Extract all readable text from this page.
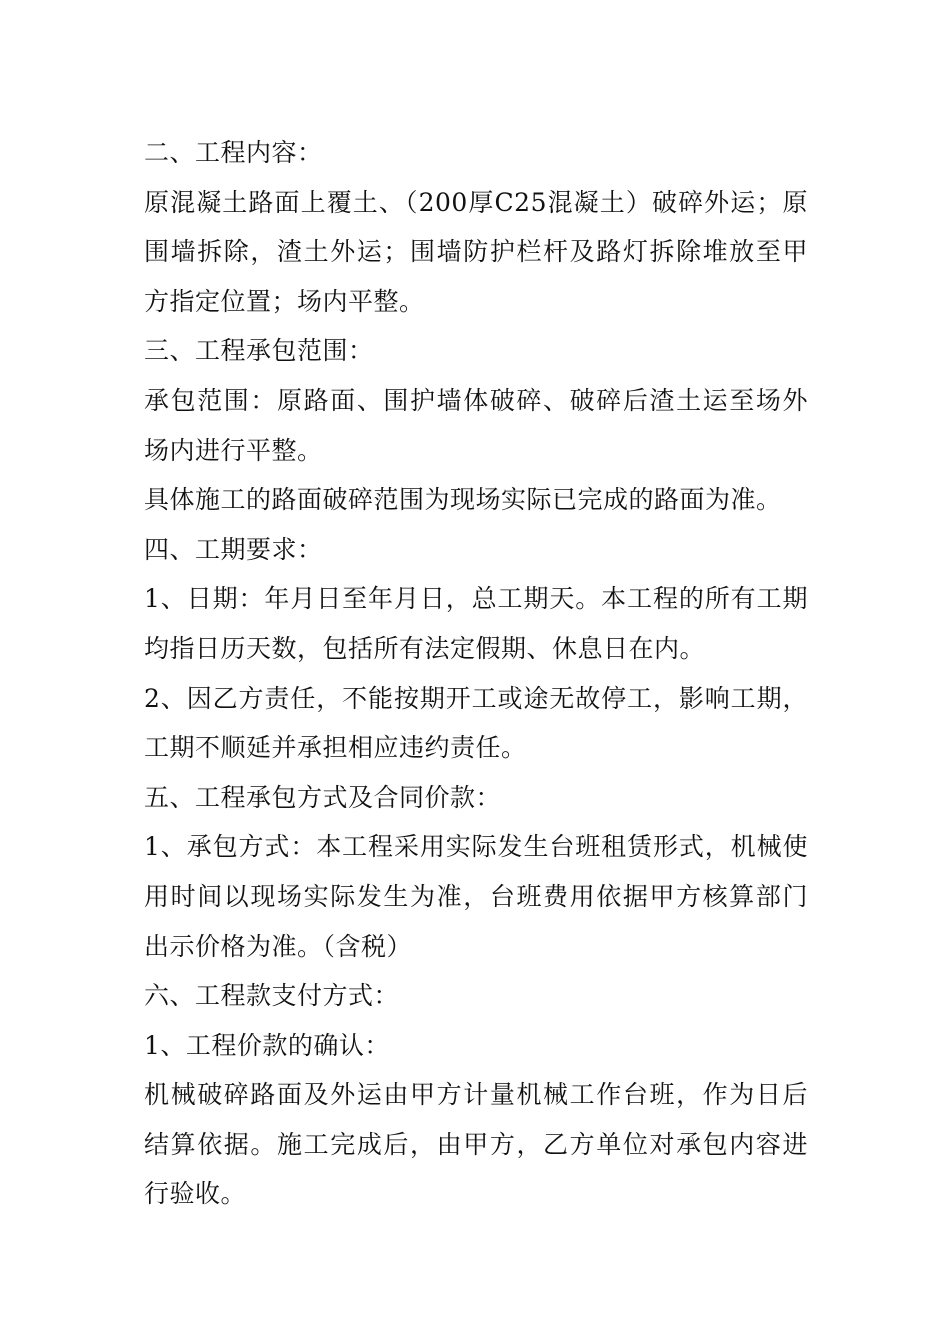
二、工程内容：
原混凝土路面上覆土、（200厚C25混凝土）破碎外运；原
围墙拆除，渣土外运；围墙防护栏杆及路灯拆除堆放至甲
方指定位置；场内平整。
三、工程承包范围：
承包范围：原路面、围护墙体破碎、破碎后渣土运至场外
场内进行平整。
具体施工的路面破碎范围为现场实际已完成的路面为准。
四、工期要求：
1、日期：年月日至年月日，总工期天。本工程的所有工期
均指日历天数，包括所有法定假期、休息日在内。
2、因乙方责任，不能按期开工或途无故停工，影响工期，
工期不顺延并承担相应违约责任。
五、工程承包方式及合同价款：
1、承包方式：本工程采用实际发生台班租赁形式，机械使
用时间以现场实际发生为准，台班费用依据甲方核算部门
出示价格为准。（含税）
六、工程款支付方式：
1、工程价款的确认：
机械破碎路面及外运由甲方计量机械工作台班，作为日后
结算依据。施工完成后，由甲方，乙方单位对承包内容进
行验收。
